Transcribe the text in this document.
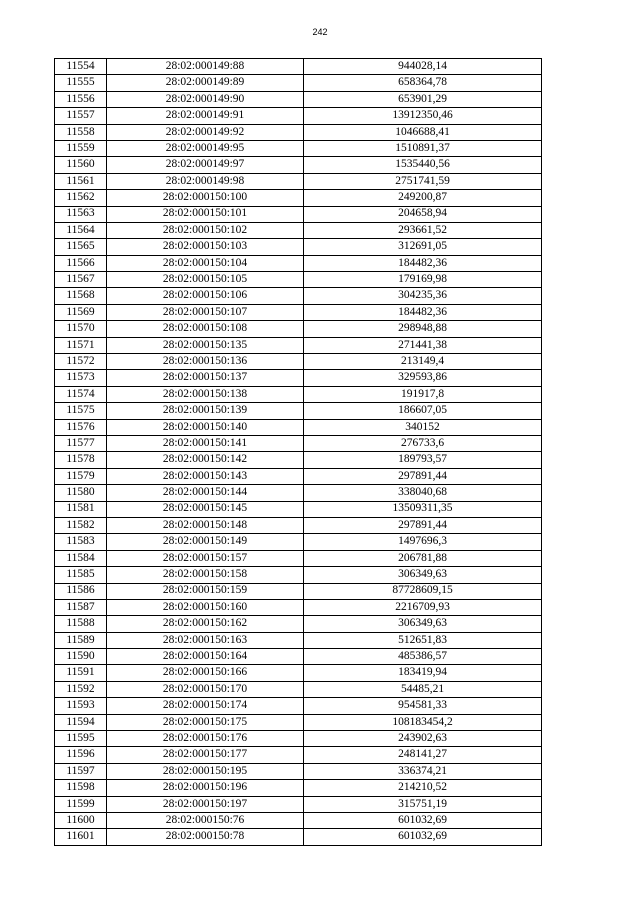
242
11554	28:02:000149:88	944028,14
11555	28:02:000149:89	658364,78
11556	28:02:000149:90	653901,29
11557	28:02:000149:91	13912350,46
11558	28:02:000149:92	1046688,41
11559	28:02:000149:95	1510891,37
11560	28:02:000149:97	1535440,56
11561	28:02:000149:98	2751741,59
11562	28:02:000150:100	249200,87
11563	28:02:000150:101	204658,94
11564	28:02:000150:102	293661,52
11565	28:02:000150:103	312691,05
11566	28:02:000150:104	184482,36
11567	28:02:000150:105	179169,98
11568	28:02:000150:106	304235,36
11569	28:02:000150:107	184482,36
11570	28:02:000150:108	298948,88
11571	28:02:000150:135	271441,38
11572	28:02:000150:136	213149,4
11573	28:02:000150:137	329593,86
11574	28:02:000150:138	191917,8
11575	28:02:000150:139	186607,05
11576	28:02:000150:140	340152
11577	28:02:000150:141	276733,6
11578	28:02:000150:142	189793,57
11579	28:02:000150:143	297891,44
11580	28:02:000150:144	338040,68
11581	28:02:000150:145	13509311,35
11582	28:02:000150:148	297891,44
11583	28:02:000150:149	1497696,3
11584	28:02:000150:157	206781,88
11585	28:02:000150:158	306349,63
11586	28:02:000150:159	87728609,15
11587	28:02:000150:160	2216709,93
11588	28:02:000150:162	306349,63
11589	28:02:000150:163	512651,83
11590	28:02:000150:164	485386,57
11591	28:02:000150:166	183419,94
11592	28:02:000150:170	54485,21
11593	28:02:000150:174	954581,33
11594	28:02:000150:175	108183454,2
11595	28:02:000150:176	243902,63
11596	28:02:000150:177	248141,27
11597	28:02:000150:195	336374,21
11598	28:02:000150:196	214210,52
11599	28:02:000150:197	315751,19
11600	28:02:000150:76	601032,69
11601	28:02:000150:78	601032,69
